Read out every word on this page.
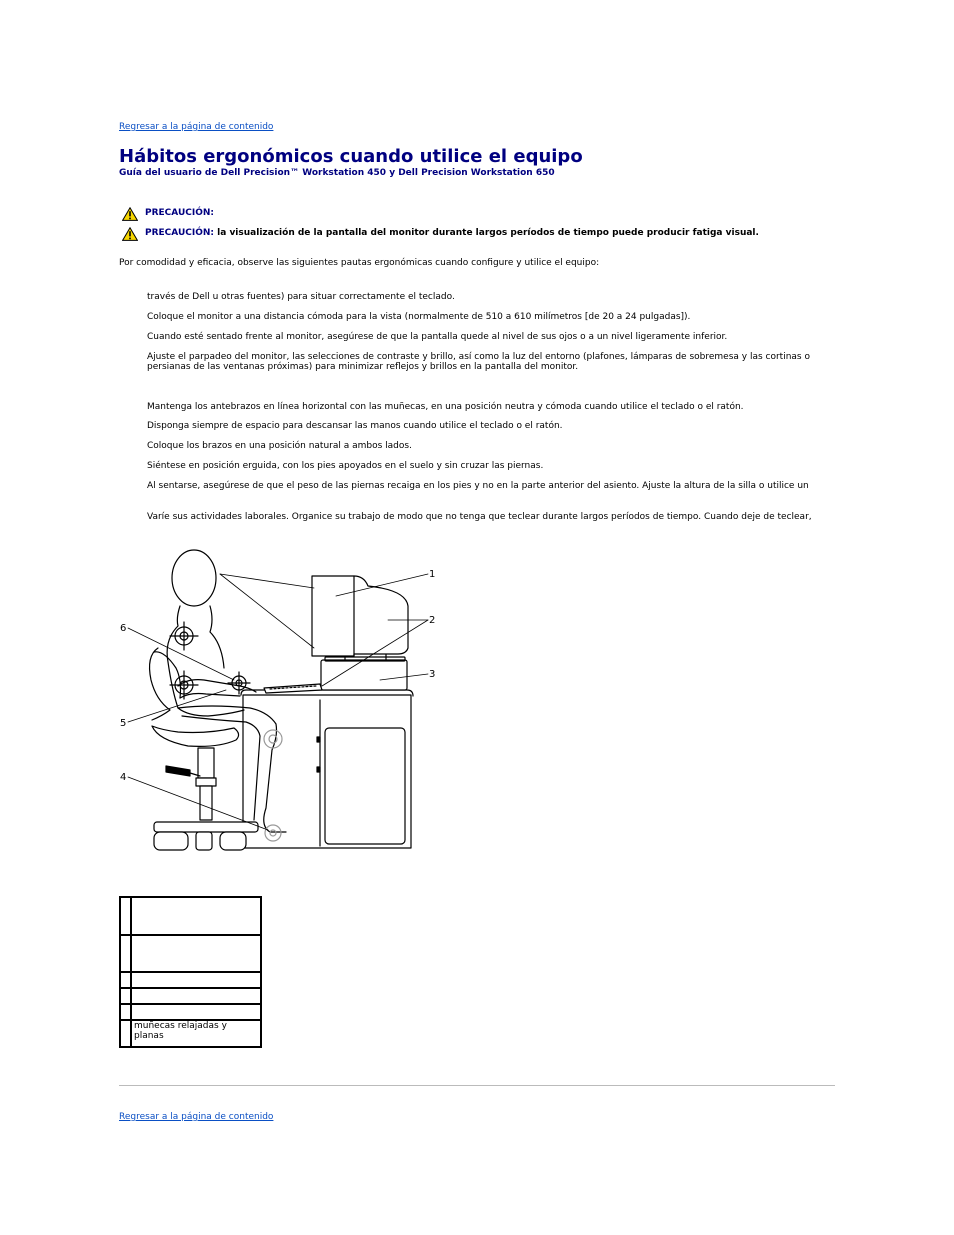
Regresar a la página de contenido
Hábitos ergonómicos cuando utilice el equipo
Guía del usuario de Dell Precision™ Workstation 450 y Dell Precision Workstation 650
PRECAUCIÓN:
PRECAUCIÓN: la visualización de la pantalla del monitor durante largos períodos de tiempo puede producir fatiga visual.
Por comodidad y eficacia, observe las siguientes pautas ergonómicas cuando configure y utilice el equipo:
través de Dell u otras fuentes) para situar correctamente el teclado.
Coloque el monitor a una distancia cómoda para la vista (normalmente de 510 a 610 milímetros [de 20 a 24 pulgadas]).
Cuando esté sentado frente al monitor, asegúrese de que la pantalla quede al nivel de sus ojos o a un nivel ligeramente inferior.
Ajuste el parpadeo del monitor, las selecciones de contraste y brillo, así como la luz del entorno (plafones, lámparas de sobremesa y las cortinas o persianas de las ventanas próximas) para minimizar reflejos y brillos en la pantalla del monitor.
Mantenga los antebrazos en línea horizontal con las muñecas, en una posición neutra y cómoda cuando utilice el teclado o el ratón.
Disponga siempre de espacio para descansar las manos cuando utilice el teclado o el ratón.
Coloque los brazos en una posición natural a ambos lados.
Siéntese en posición erguida, con los pies apoyados en el suelo y sin cruzar las piernas.
Al sentarse, asegúrese de que el peso de las piernas recaiga en los pies y no en la parte anterior del asiento. Ajuste la altura de la silla o utilice un
Varíe sus actividades laborales. Organice su trabajo de modo que no tenga que teclear durante largos períodos de tiempo. Cuando deje de teclear,
1
2
3
4
5
6

	muñecas relajadas y planas
Regresar a la página de contenido
